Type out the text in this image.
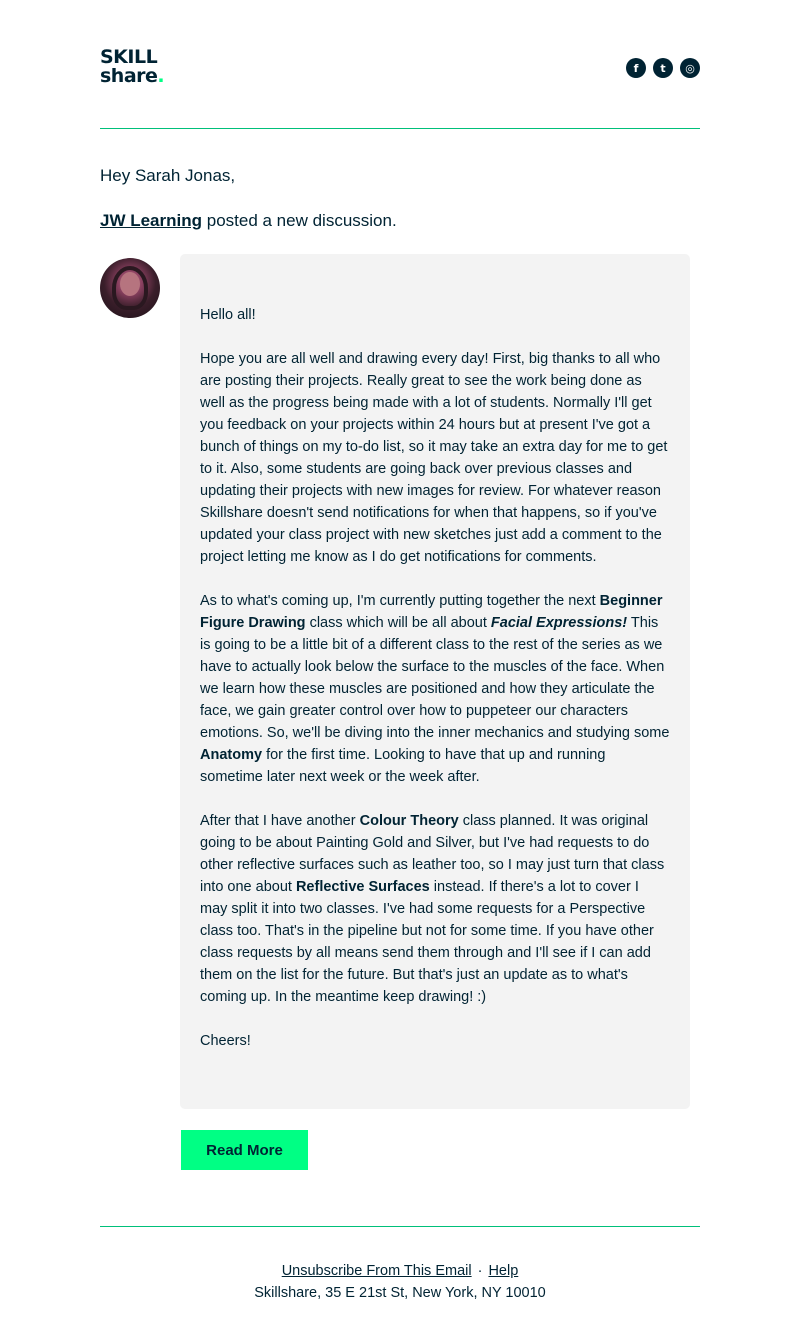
SKILL
share.	f	t	◎
Hey Sarah Jonas,
JW Learning posted a new discussion.

Hello all!

Hope you are all well and drawing every day! First, big thanks to all who are posting their projects. Really great to see the work being done as well as the progress being made with a lot of students. Normally I'll get you feedback on your projects within 24 hours but at present I've got a bunch of things on my to-do list, so it may take an extra day for me to get to it. Also, some students are going back over previous classes and updating their projects with new images for review. For whatever reason Skillshare doesn't send notifications for when that happens, so if you've updated your class project with new sketches just add a comment to the project letting me know as I do get notifications for comments.

As to what's coming up, I'm currently putting together the next Beginner Figure Drawing class which will be all about Facial Expressions! This is going to be a little bit of a different class to the rest of the series as we have to actually look below the surface to the muscles of the face. When we learn how these muscles are positioned and how they articulate the face, we gain greater control over how to puppeteer our characters emotions. So, we'll be diving into the inner mechanics and studying some Anatomy for the first time. Looking to have that up and running sometime later next week or the week after.

After that I have another Colour Theory class planned. It was original going to be about Painting Gold and Silver, but I've had requests to do other reflective surfaces such as leather too, so I may just turn that class into one about Reflective Surfaces instead. If there's a lot to cover I may split it into two classes. I've had some requests for a Perspective class too. That's in the pipeline but not for some time. If you have other class requests by all means send them through and I'll see if I can add them on the list for the future. But that's just an update as to what's coming up. In the meantime keep drawing! :)

Cheers!

Read More
Unsubscribe From This Email · Help
Skillshare, 35 E 21st St, New York, NY 10010
